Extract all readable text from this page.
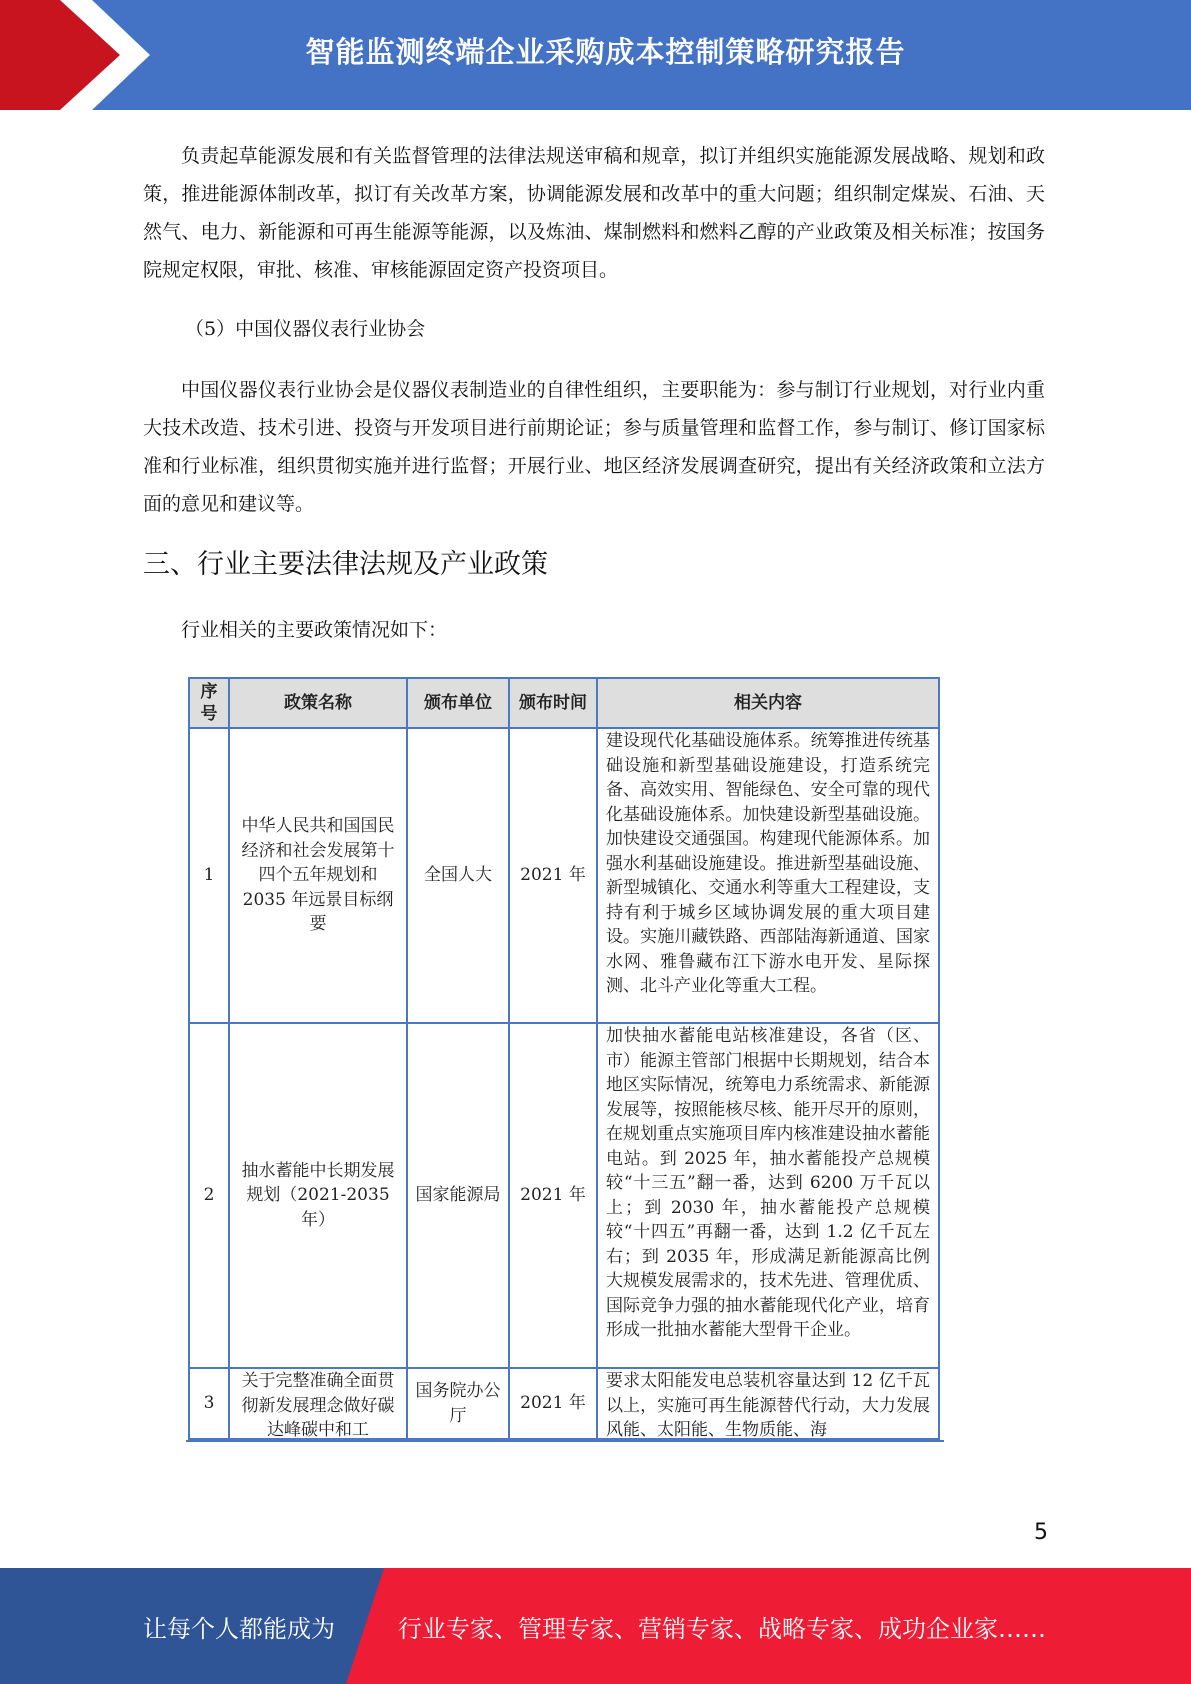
智能监测终端企业采购成本控制策略研究报告

负责起草能源发展和有关监督管理的法律法规送审稿和规章，拟订并组织实施能源发展战略、规划和政策，推进能源体制改革，拟订有关改革方案，协调能源发展和改革中的重大问题；组织制定煤炭、石油、天然气、电力、新能源和可再生能源等能源，以及炼油、煤制燃料和燃料乙醇的产业政策及相关标准；按国务院规定权限，审批、核准、审核能源固定资产投资项目。

（5）中国仪器仪表行业协会

中国仪器仪表行业协会是仪器仪表制造业的自律性组织，主要职能为：参与制订行业规划，对行业内重大技术改造、技术引进、投资与开发项目进行前期论证；参与质量管理和监督工作，参与制订、修订国家标准和行业标准，组织贯彻实施并进行监督；开展行业、地区经济发展调查研究，提出有关经济政策和立法方面的意见和建议等。

三、行业主要法律法规及产业政策

行业相关的主要政策情况如下：

序号	政策名称	颁布单位	颁布时间	相关内容
1	中华人民共和国国民经济和社会发展第十四个五年规划和 2035 年远景目标纲要	全国人大	2021 年	建设现代化基础设施体系。统筹推进传统基础设施和新型基础设施建设，打造系统完备、高效实用、智能绿色、安全可靠的现代化基础设施体系。加快建设新型基础设施。加快建设交通强国。构建现代能源体系。加强水利基础设施建设。推进新型基础设施、新型城镇化、交通水利等重大工程建设，支持有利于城乡区域协调发展的重大项目建设。实施川藏铁路、西部陆海新通道、国家水网、雅鲁藏布江下游水电开发、星际探测、北斗产业化等重大工程。
2	抽水蓄能中长期发展规划（2021-2035 年）	国家能源局	2021 年	加快抽水蓄能电站核准建设，各省（区、市）能源主管部门根据中长期规划，结合本地区实际情况，统筹电力系统需求、新能源发展等，按照能核尽核、能开尽开的原则，在规划重点实施项目库内核准建设抽水蓄能电站。到 2025 年，抽水蓄能投产总规模较“十三五”翻一番，达到 6200 万千瓦以上；到 2030 年，抽水蓄能投产总规模较“十四五”再翻一番，达到 1.2 亿千瓦左右；到 2035 年，形成满足新能源高比例大规模发展需求的，技术先进、管理优质、国际竞争力强的抽水蓄能现代化产业，培育形成一批抽水蓄能大型骨干企业。
3	关于完整准确全面贯彻新发展理念做好碳达峰碳中和工	国务院办公厅	2021 年	要求太阳能发电总装机容量达到 12 亿千瓦以上，实施可再生能源替代行动，大力发展风能、太阳能、生物质能、海
5
让每个人都能成为	行业专家、管理专家、营销专家、战略专家、成功企业家……
